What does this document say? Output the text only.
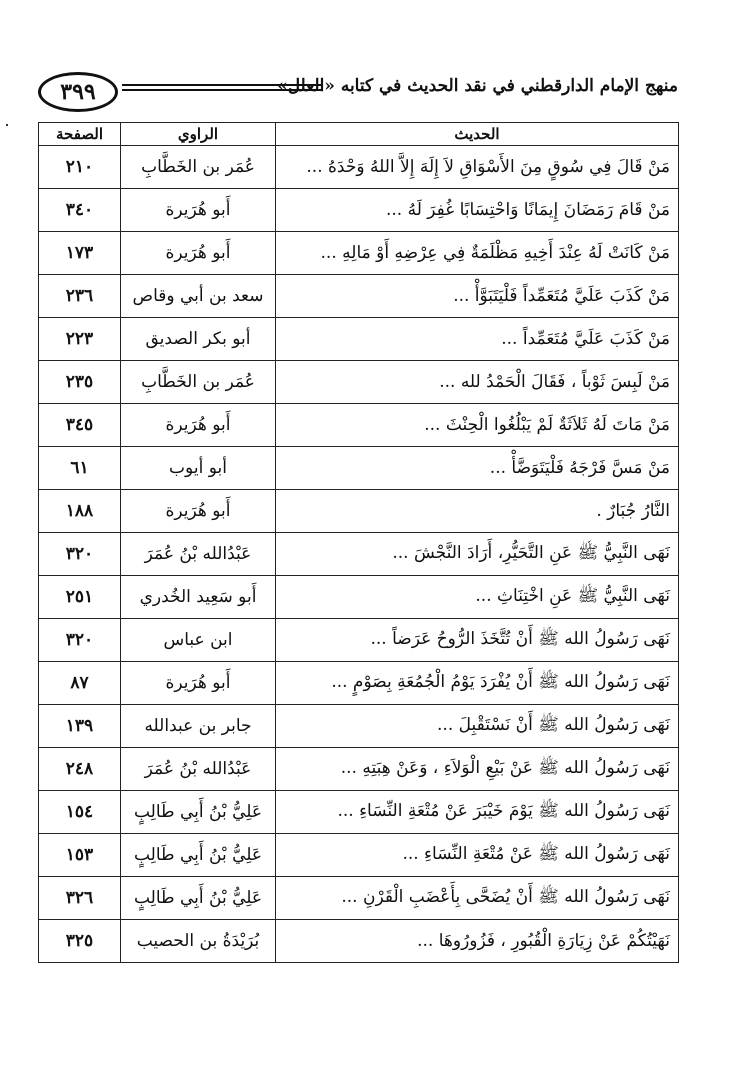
٣٩٩	منهج الإمام الدارقطني في نقد الحديث في كتابه «العلل»
الحديث	الراوي	الصفحة
مَنْ قَالَ فِي سُوقٍ مِنَ الأَسْوَاقِ لاَ إِلَهَ إِلاَّ اللهُ وَحْدَهُ ...	عُمَر بن الخَطَّابِ	٢١٠
مَنْ قَامَ رَمَضَانَ إِيمَانًا وَاحْتِسَابًا غُفِرَ لَهُ ...	أَبو هُرَيرة	٣٤٠
مَنْ كَانَتْ لَهُ عِنْدَ أَخِيهِ مَظْلَمَةٌ فِي عِرْضِهِ أَوْ مَالِهِ ...	أَبو هُرَيرة	١٧٣
مَنْ كَذَبَ عَلَيَّ مُتَعَمِّداً فَلْيَتَبَوَّأْ ...	سعد بن أبي وقاص	٢٣٦
مَنْ كَذَبَ عَلَيَّ مُتَعَمِّداً ...	أبو بكر الصديق	٢٢٣
مَنْ لَبِسَ ثَوْباً ، فَقَالَ الْحَمْدُ لله ...	عُمَر بن الخَطَّابِ	٢٣٥
مَنْ مَاتَ لَهُ ثَلاَثَةٌ لَمْ يَبْلُغُوا الْحِنْثَ ...	أَبو هُرَيرة	٣٤٥
مَنْ مَسَّ فَرْجَهُ فَلْيَتَوَضَّأْ ...	أبو أيوب	٦١
النَّارُ جُبَارٌ .	أَبو هُرَيرة	١٨٨
نَهَى النَّبِيُّ ﷺ عَنِ التَّحَيُّرِ، أَرَادَ النَّجْشَ ...	عَبْدُالله بْنُ عُمَرَ	٣٢٠
نَهَى النَّبِيُّ ﷺ عَنِ اخْتِنَاثِ ...	أَبو سَعِيد الخُدري	٢٥١
نَهَى رَسُولُ الله ﷺ أَنْ تُتَّخَذَ الرُّوحُ عَرَضاً ...	ابن عباس	٣٢٠
نَهَى رَسُولُ الله ﷺ أَنْ يُفْرَدَ يَوْمُ الْجُمُعَةِ بِصَوْمٍ ...	أَبو هُرَيرة	٨٧
نَهَى رَسُولُ الله ﷺ أَنْ نَسْتَقْبِلَ ...	جابر بن عبدالله	١٣٩
نَهَى رَسُولُ الله ﷺ عَنْ بَيْعِ الْوَلاَءِ ، وَعَنْ هِبَتِهِ ...	عَبْدُالله بْنُ عُمَرَ	٢٤٨
نَهَى رَسُولُ الله ﷺ يَوْمَ خَيْبَرَ عَنْ مُتْعَةِ النِّسَاءِ ...	عَلِيُّ بْنُ أَبِي طَالِبٍ	١٥٤
نَهَى رَسُولُ الله ﷺ عَنْ مُتْعَةِ النِّسَاءِ ...	عَلِيُّ بْنُ أَبِي طَالِبٍ	١٥٣
نَهَى رَسُولُ الله ﷺ أَنْ يُضَحَّى بِأَعْضَبِ الْقَرْنِ ...	عَلِيُّ بْنُ أَبِي طَالِبٍ	٣٢٦
نَهَيْتُكُمْ عَنْ زِيَارَةِ الْقُبُورِ ، فَزُورُوهَا ...	بُرَيْدَةُ بن الحصيب	٣٢٥
